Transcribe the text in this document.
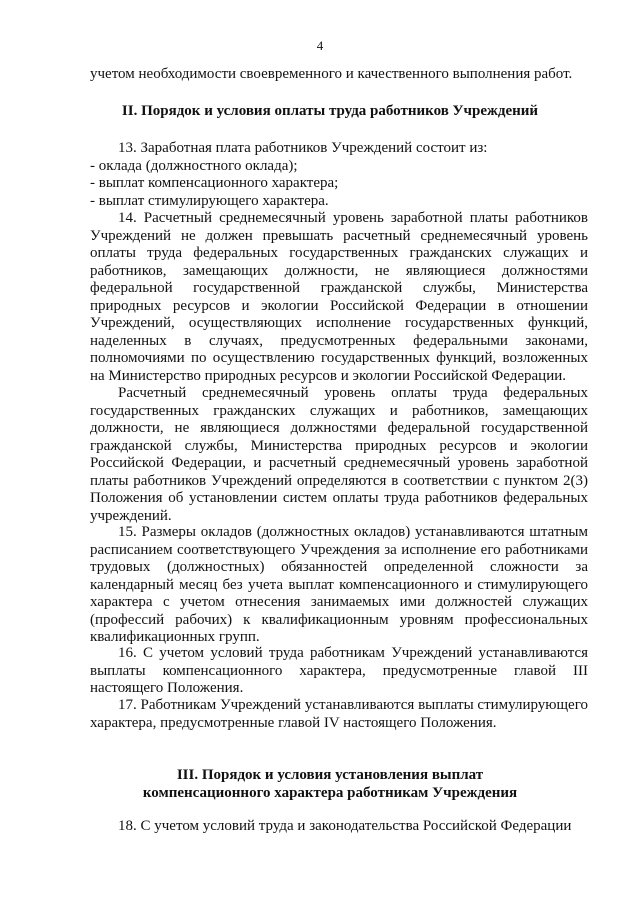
4

учетом необходимости своевременного и качественного выполнения работ.

II. Порядок и условия оплаты труда работников Учреждений

13. Заработная плата работников Учреждений состоит из:

- оклада (должностного оклада);

- выплат компенсационного характера;

- выплат стимулирующего характера.

14. Расчетный среднемесячный уровень заработной платы работников Учреждений не должен превышать расчетный среднемесячный уровень оплаты труда федеральных государственных гражданских служащих и работников, замещающих должности, не являющиеся должностями федеральной государственной гражданской службы, Министерства природных ресурсов и экологии Российской Федерации в отношении Учреждений, осуществляющих исполнение государственных функций, наделенных в случаях, предусмотренных федеральными законами, полномочиями по осуществлению государственных функций, возложенных на Министерство природных ресурсов и экологии Российской Федерации.

Расчетный среднемесячный уровень оплаты труда федеральных государственных гражданских служащих и работников, замещающих должности, не являющиеся должностями федеральной государственной гражданской службы, Министерства природных ресурсов и экологии Российской Федерации, и расчетный среднемесячный уровень заработной платы работников Учреждений определяются в соответствии с пунктом 2(3) Положения об установлении систем оплаты труда работников федеральных учреждений.

15. Размеры окладов (должностных окладов) устанавливаются штатным расписанием соответствующего Учреждения за исполнение его работниками трудовых (должностных) обязанностей определенной сложности за календарный месяц без учета выплат компенсационного и стимулирующего характера с учетом отнесения занимаемых ими должностей служащих (профессий рабочих) к квалификационным уровням профессиональных квалификационных групп.

16. С учетом условий труда работникам Учреждений устанавливаются выплаты компенсационного характера, предусмотренные главой III настоящего Положения.

17. Работникам Учреждений устанавливаются выплаты стимулирующего характера, предусмотренные главой IV настоящего Положения.

III. Порядок и условия установления выплат
компенсационного характера работникам Учреждения

18. С учетом условий труда и законодательства Российской Федерации
